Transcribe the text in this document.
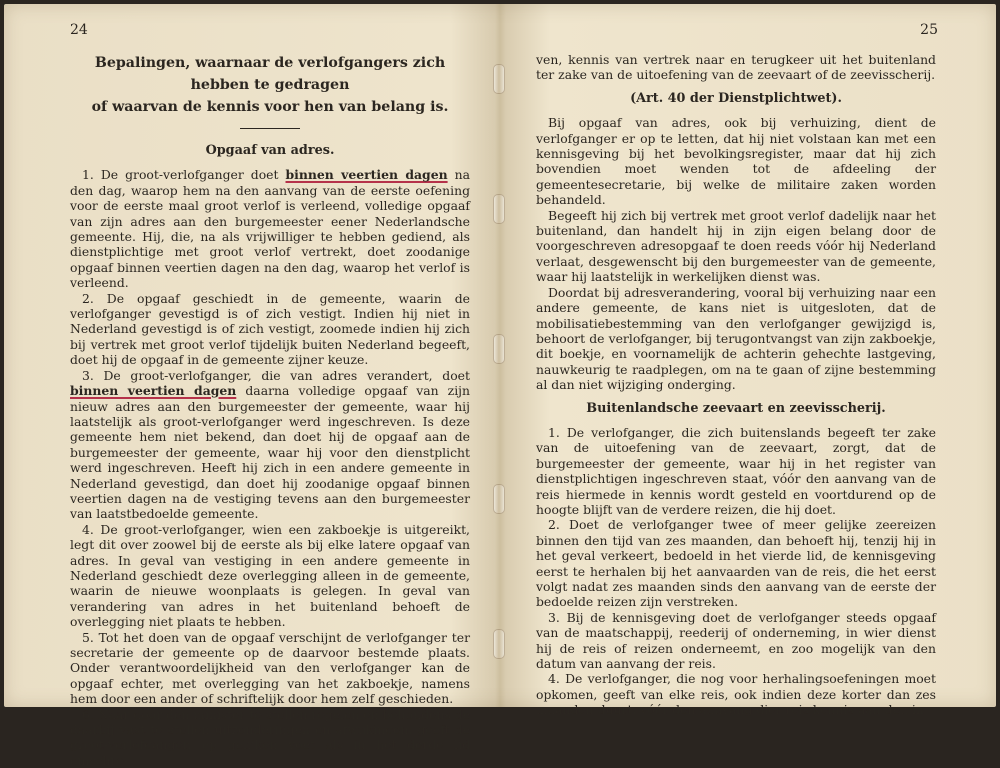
24
Bepalingen, waarnaar de verlofgangers zich hebben te gedragen
of waarvan de kennis voor hen van belang is.
Opgaaf van adres.

1. De groot-verlofganger doet binnen veertien dagen na den dag, waarop hem na den aanvang van de eerste oefening voor de eerste maal groot verlof is verleend, volledige opgaaf van zijn adres aan den burgemeester eener Nederlandsche gemeente. Hij, die, na als vrijwilliger te hebben gediend, als dienstplichtige met groot verlof vertrekt, doet zoodanige opgaaf binnen veertien dagen na den dag, waarop het verlof is verleend.

2. De opgaaf geschiedt in de gemeente, waarin de verlofganger gevestigd is of zich vestigt. Indien hij niet in Nederland gevestigd is of zich vestigt, zoomede indien hij zich bij vertrek met groot verlof tijdelijk buiten Nederland begeeft, doet hij de opgaaf in de gemeente zijner keuze.

3. De groot-verlofganger, die van adres verandert, doet binnen veertien dagen daarna volledige opgaaf van zijn nieuw adres aan den burgemeester der gemeente, waar hij laatstelijk als groot-verlofganger werd ingeschreven. Is deze gemeente hem niet bekend, dan doet hij de opgaaf aan de burgemeester der gemeente, waar hij voor den dienstplicht werd ingeschreven. Heeft hij zich in een andere gemeente in Nederland gevestigd, dan doet hij zoodanige opgaaf binnen veertien dagen na de vestiging tevens aan den burgemeester van laatstbedoelde gemeente.

4. De groot-verlofganger, wien een zakboekje is uitgereikt, legt dit over zoowel bij de eerste als bij elke latere opgaaf van adres. In geval van vestiging in een andere gemeente in Nederland geschiedt deze overlegging alleen in de gemeente, waarin de nieuwe woonplaats is gelegen. In geval van verandering van adres in het buitenland behoeft de overlegging niet plaats te hebben.

5. Tot het doen van de opgaaf verschijnt de verlofganger ter secretarie der gemeente op de daarvoor bestemde plaats. Onder verantwoordelijkheid van den verlofganger kan de opgaaf echter, met overlegging van het zakboekje, namens hem door een ander of schriftelijk door hem zelf geschieden.

6. Naar door den minister te stellen regelen en behoudens de daarbij vast te stellen uitzonderingen en afwijkingen, geeft de groot-verlofganger, op gelijken voet als in het derde lid omschre-

25

ven, kennis van vertrek naar en terugkeer uit het buitenland ter zake van de uitoefening van de zeevaart of de zeevisscherij.

(Art. 40 der Dienstplichtwet).

Bij opgaaf van adres, ook bij verhuizing, dient de verlofganger er op te letten, dat hij niet volstaan kan met een kennisgeving bij het bevolkingsregister, maar dat hij zich bovendien moet wenden tot de afdeeling der gemeentesecretarie, bij welke de militaire zaken worden behandeld.

Begeeft hij zich bij vertrek met groot verlof dadelijk naar het buitenland, dan handelt hij in zijn eigen belang door de voorgeschreven adresopgaaf te doen reeds vóór hij Nederland verlaat, desgewenscht bij den burgemeester van de gemeente, waar hij laatstelijk in werkelijken dienst was.

Doordat bij adresverandering, vooral bij verhuizing naar een andere gemeente, de kans niet is uitgesloten, dat de mobilisatiebestemming van den verlofganger gewijzigd is, behoort de verlofganger, bij terugontvangst van zijn zakboekje, dit boekje, en voornamelijk de achterin gehechte lastgeving, nauwkeurig te raadplegen, om na te gaan of zijne bestemming al dan niet wijziging onderging.

Buitenlandsche zeevaart en zeevisscherij.

1. De verlofganger, die zich buitenslands begeeft ter zake van de uitoefening van de zeevaart, zorgt, dat de burgemeester der gemeente, waar hij in het register van dienstplichtigen ingeschreven staat, vóór den aanvang van de reis hiermede in kennis wordt gesteld en voortdurend op de hoogte blijft van de verdere reizen, die hij doet.

2. Doet de verlofganger twee of meer gelijke zeereizen binnen den tijd van zes maanden, dan behoeft hij, tenzij hij in het geval verkeert, bedoeld in het vierde lid, de kennisgeving eerst te herhalen bij het aanvaarden van de reis, die het eerst volgt nadat zes maanden sinds den aanvang van de eerste der bedoelde reizen zijn verstreken.

3. Bij de kennisgeving doet de verlofganger steeds opgaaf van de maatschappij, reederij of onderneming, in wier dienst hij de reis of reizen onderneemt, en zoo mogelijk van den datum van aanvang der reis.

4. De verlofganger, die nog voor herhalingsoefeningen moet opkomen, geeft van elke reis, ook indien deze korter dan zes maanden duurt, vóór den aanvang dier reis kennis aan den in
